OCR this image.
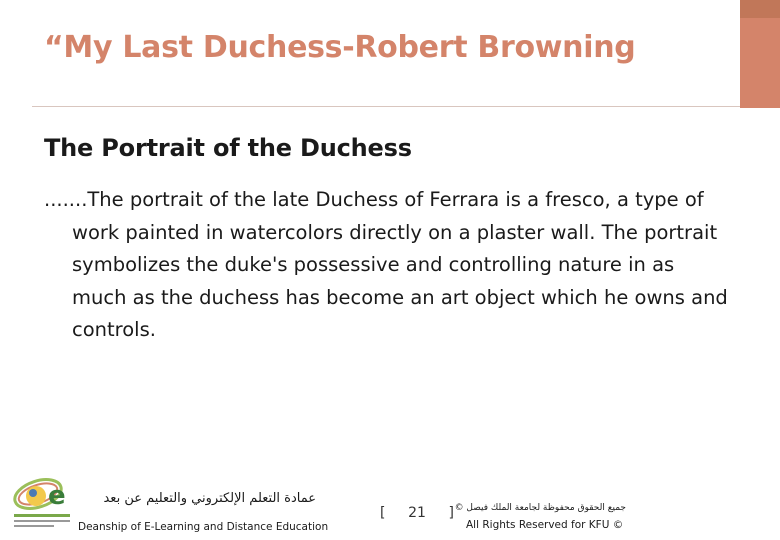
“My Last Duchess-Robert Browning
The Portrait of the Duchess
.......The portrait of the late Duchess of Ferrara is a fresco, a type of work painted in watercolors directly on a plaster wall. The portrait symbolizes the duke's possessive and controlling nature in as much as the duchess has become an art object which he owns and controls.
e	عمادة التعلم الإلكتروني والتعليم عن بعد
Deanship of E-Learning and Distance Education
[ 21 ] جميع الحقوق محفوظة لجامعة الملك فيصل ©
All Rights Reserved for KFU ©
